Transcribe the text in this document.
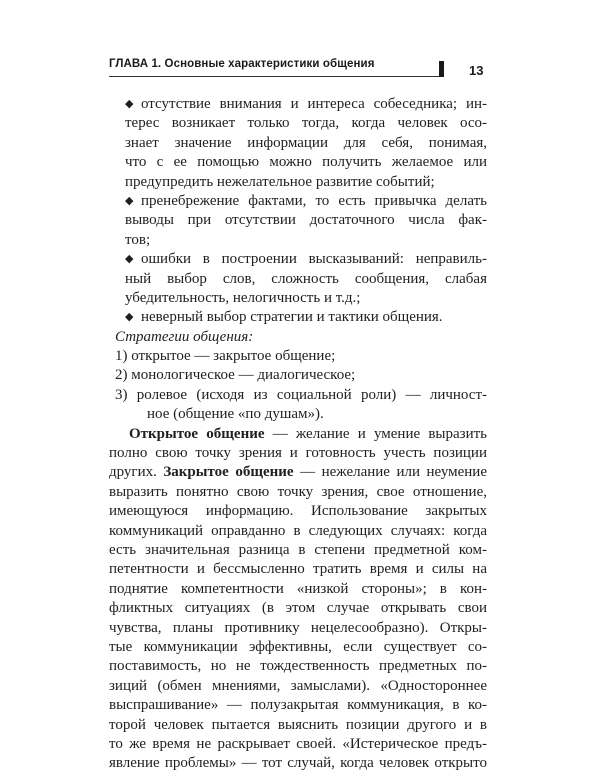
ГЛАВА 1. Основные характеристики общения	13
◆ отсутствие внимания и интереса собеседника; ин-
терес возникает только тогда, когда человек осо-
знает значение информации для себя, понимая,
что с ее помощью можно получить желаемое или
предупредить нежелательное развитие событий;
◆ пренебрежение фактами, то есть привычка делать
выводы при отсутствии достаточного числа фак-
тов;
◆ ошибки в построении высказываний: неправиль-
ный выбор слов, сложность сообщения, слабая
убедительность, нелогичность и т.д.;
◆ неверный выбор стратегии и тактики общения.
Стратегии общения:
1) открытое — закрытое общение;
2) монологическое — диалогическое;
3) ролевое (исходя из социальной роли) — личност-
ное (общение «по душам»).
Открытое общение — желание и умение выразить
полно свою точку зрения и готовность учесть позиции
других. Закрытое общение — нежелание или неумение
выразить понятно свою точку зрения, свое отношение,
имеющуюся информацию. Использование закрытых
коммуникаций оправданно в следующих случаях: когда
есть значительная разница в степени предметной ком-
петентности и бессмысленно тратить время и силы на
поднятие компетентности «низкой стороны»; в кон-
фликтных ситуациях (в этом случае открывать свои
чувства, планы противнику нецелесообразно). Откры-
тые коммуникации эффективны, если существует со-
поставимость, но не тождественность предметных по-
зиций (обмен мнениями, замыслами). «Одностороннее
выспрашивание» — полузакрытая коммуникация, в ко-
торой человек пытается выяснить позиции другого и в
то же время не раскрывает своей. «Истерическое предъ-
явление проблемы» — тот случай, когда человек открыто
